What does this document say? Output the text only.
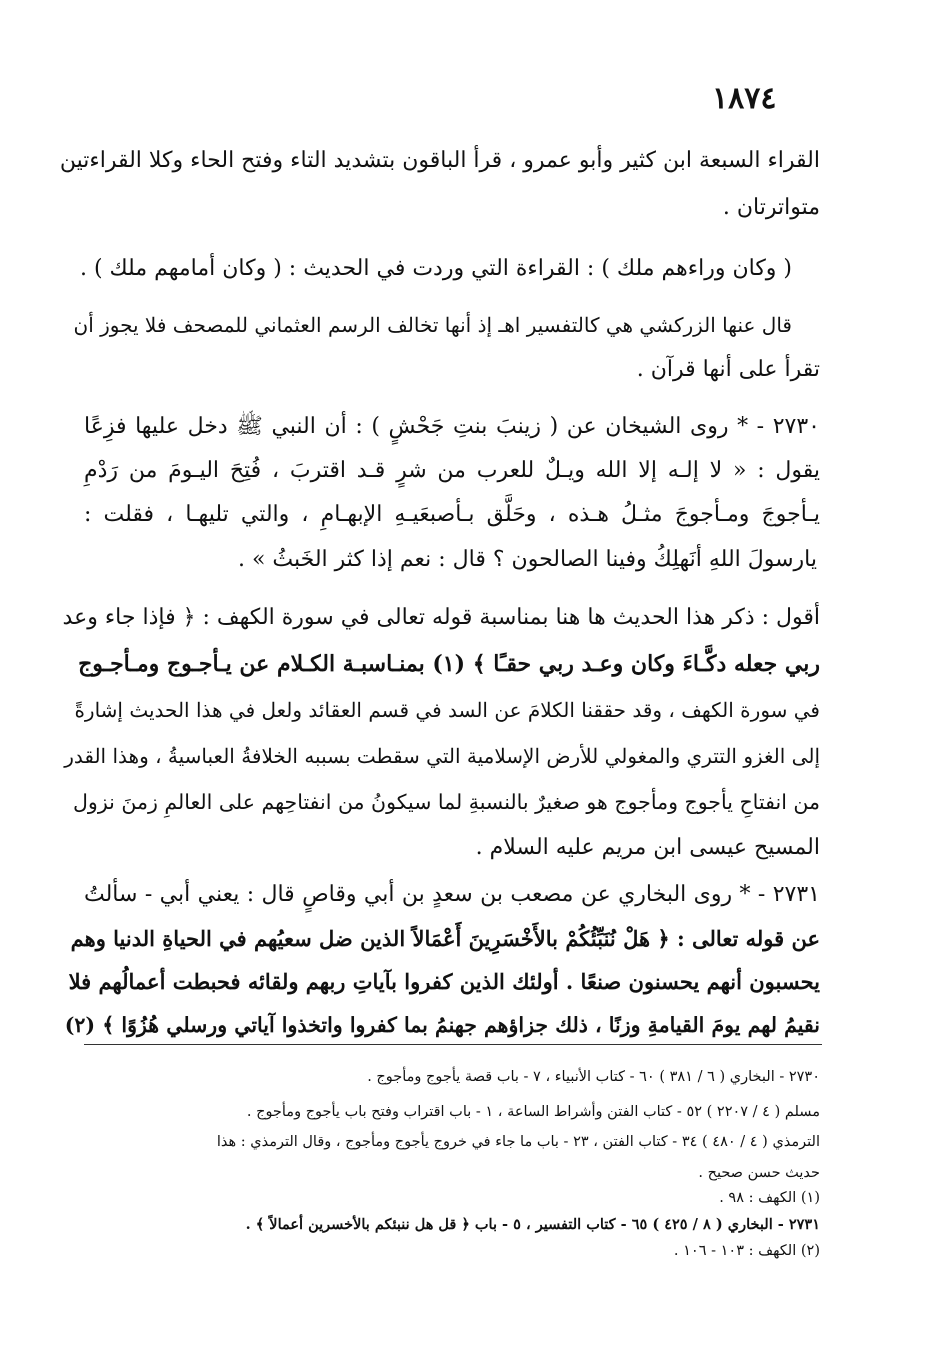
١٨٧٤
القراء السبعة ابن كثير وأبو عمرو ، قرأ الباقون بتشديد التاء وفتح الحاء وكلا القراءتين
متواترتان .
( وكان وراءهم ملك ) : القراءة التي وردت في الحديث : ( وكان أمامهم ملك ) .
قال عنها الزركشي هي كالتفسير اهـ إذ أنها تخالف الرسم العثماني للمصحف فلا يجوز أن
تقرأ على أنها قرآن .
٢٧٣٠ - * روى الشيخان عن ( زينبَ بنتِ جَحْشٍ ) : أن النبي ﷺ دخل عليها فزِعًا
يقول : « لا إلـه إلا الله ويـلٌ للعرب من شرٍ قـد اقتربَ ، فُتِحَ اليـومَ من رَدْمِ
يـأجوجَ ومـأجوجَ مثـلُ هـذه ، وحَلَّق بـأصبعَيـهِ الإبهـامِ ، والتي تليهـا ، فقلت :
يارسولَ اللهِ أنَهلِكُ وفينا الصالحون ؟ قال : نعم إذا كثر الخَبثُ » .
أقول : ذكر هذا الحديث ها هنا بمناسبة قوله تعالى في سورة الكهف : ﴿ فإذا جاء وعد
ربي جعله دكَّـاءَ وكان وعـد ربي حقـًا ﴾ (١) بمنـاسبـة الكـلام عن يـأجـوج ومـأجـوج
في سورة الكهف ، وقد حققنا الكلامَ عن السد في قسم العقائد ولعل في هذا الحديث إشارةً
إلى الغزو التتري والمغولي للأرض الإسلامية التي سقطت بسببه الخلافةُ العباسيةُ ، وهذا القدر
من انفتاحِ يأجوج ومأجوج هو صغيرٌ بالنسبةِ لما سيكونُ من انفتاحِهم على العالمِ زمنَ نزول
المسيح عيسى ابن مريم عليه السلام .
٢٧٣١ - * روى البخاري عن مصعب بن سعدٍ بن أبي وقاصٍ قال : يعني أبي - سألتُ
عن قوله تعالى : ﴿ هَلْ نُنَبِّئُكُمْ بالأَخْسَرِينَ أَعْمَالاً الذين ضل سعيُهم في الحياةِ الدنيا وهم
يحسبون أنهم يحسنون صنعًا . أولئك الذين كفروا بآياتِ ربهم ولقائه فحبطت أعمالُهم فلا
نقيمُ لهم يومَ القيامةِ وزنًا ، ذلك جزاؤهم جهنمُ بما كفروا واتخذوا آياتي ورسلي هُزُوًا ﴾ (٢)
٢٧٣٠ - البخاري ( ٦ / ٣٨١ ) ٦٠ - كتاب الأنبياء ، ٧ - باب قصة يأجوج ومأجوج .
مسلم ( ٤ / ٢٢٠٧ ) ٥٢ - كتاب الفتن وأشراط الساعة ، ١ - باب اقتراب وفتح باب يأجوج ومأجوج .
الترمذي ( ٤ / ٤٨٠ ) ٣٤ - كتاب الفتن ، ٢٣ - باب ما جاء في خروج يأجوج ومأجوج ، وقال الترمذي : هذا
حديث حسن صحيح .
(١) الكهف : ٩٨ .
٢٧٣١ - البخاري ( ٨ / ٤٢٥ ) ٦٥ - كتاب التفسير ، ٥ - باب ﴿ قل هل ننبئكم بالأخسرين أعمالاً ﴾ .
(٢) الكهف : ١٠٣ - ١٠٦ .
